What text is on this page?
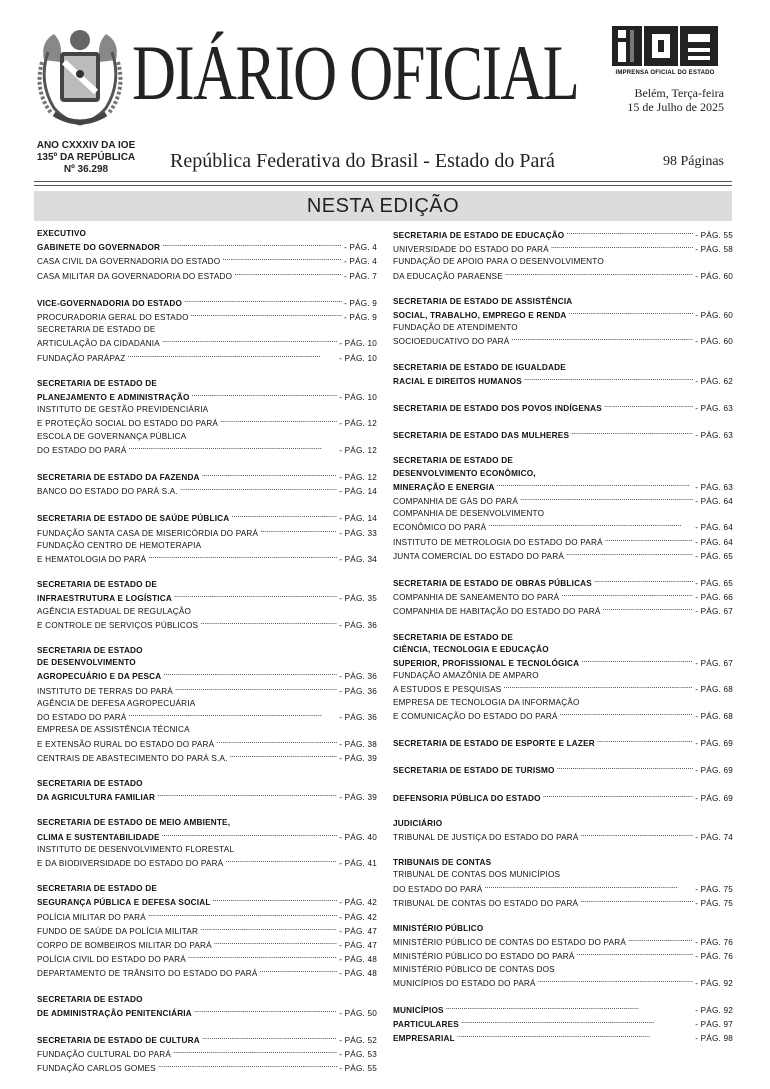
ANO CXXXIV DA IOE
135º DA REPÚBLICA
Nº 36.298
DIÁRIO OFICIAL
República Federativa do Brasil - Estado do Pará
IMPRENSA OFICIAL DO ESTADO
Belém, Terça-feira
15 de Julho de 2025
98 Páginas
NESTA EDIÇÃO
EXECUTIVO
GABINETE DO GOVERNADOR . . .	- PÁG. 4
CASA CIVIL DA GOVERNADORIA DO ESTADO . . .	- PÁG. 4
CASA MILITAR DA GOVERNADORIA DO ESTADO . . .	- PÁG. 7
VICE-GOVERNADORIA DO ESTADO . . .	- PÁG. 9
PROCURADORIA GERAL DO ESTADO . . .	- PÁG. 9
SECRETARIA DE ESTADO DE
ARTICULAÇÃO DA CIDADANIA . . .	- PÁG. 10
FUNDAÇÃO PARÁPAZ . . .	- PÁG. 10
SECRETARIA DE ESTADO DE
PLANEJAMENTO E ADMINISTRAÇÃO . . .	- PÁG. 10
INSTITUTO DE GESTÃO PREVIDENCIÁRIA
E PROTEÇÃO SOCIAL DO ESTADO DO PARÁ . . .	- PÁG. 12
ESCOLA DE GOVERNANÇA PÚBLICA
DO ESTADO DO PARÁ . . .	- PÁG. 12
SECRETARIA DE ESTADO DA FAZENDA . . .	- PÁG. 12
BANCO DO ESTADO DO PARÁ S.A. . . .	- PÁG. 14
SECRETARIA DE ESTADO DE SAÚDE PÚBLICA . . .	- PÁG. 14
FUNDAÇÃO SANTA CASA DE MISERICÓRDIA DO PARÁ . . .	- PÁG. 33
FUNDAÇÃO CENTRO DE HEMOTERAPIA
E HEMATOLOGIA DO PARÁ . . .	- PÁG. 34
SECRETARIA DE ESTADO DE
INFRAESTRUTURA E LOGÍSTICA . . .	- PÁG. 35
AGÊNCIA ESTADUAL DE REGULAÇÃO
E CONTROLE DE SERVIÇOS PÚBLICOS . . .	- PÁG. 36
SECRETARIA DE ESTADO
DE DESENVOLVIMENTO
AGROPECUÁRIO E DA PESCA . . .	- PÁG. 36
INSTITUTO DE TERRAS DO PARÁ . . .	- PÁG. 36
AGÊNCIA DE DEFESA AGROPECUÁRIA
DO ESTADO DO PARÁ . . .	- PÁG. 36
EMPRESA DE ASSISTÊNCIA TÉCNICA
E EXTENSÃO RURAL DO ESTADO DO PARÁ . . .	- PÁG. 38
CENTRAIS DE ABASTECIMENTO DO PARÁ S.A. . . .	- PÁG. 39
SECRETARIA DE ESTADO
DA AGRICULTURA FAMILIAR . . .	- PÁG. 39
SECRETARIA DE ESTADO DE MEIO AMBIENTE,
CLIMA E SUSTENTABILIDADE . . .	- PÁG. 40
INSTITUTO DE DESENVOLVIMENTO FLORESTAL
E DA BIODIVERSIDADE DO ESTADO DO PARÁ . . .	- PÁG. 41
SECRETARIA DE ESTADO DE
SEGURANÇA PÚBLICA E DEFESA SOCIAL . . .	- PÁG. 42
POLÍCIA MILITAR DO PARÁ . . .	- PÁG. 42
FUNDO DE SAÚDE DA POLÍCIA MILITAR . . .	- PÁG. 47
CORPO DE BOMBEIROS MILITAR DO PARÁ . . .	- PÁG. 47
POLÍCIA CIVIL DO ESTADO DO PARÁ . . .	- PÁG. 48
DEPARTAMENTO DE TRÂNSITO DO ESTADO DO PARÁ . . .	- PÁG. 48
SECRETARIA DE ESTADO
DE ADMINISTRAÇÃO PENITENCIÁRIA . . .	- PÁG. 50
SECRETARIA DE ESTADO DE CULTURA . . .	- PÁG. 52
FUNDAÇÃO CULTURAL DO PARÁ . . .	- PÁG. 53
FUNDAÇÃO CARLOS GOMES . . .	- PÁG. 55
SECRETARIA DE ESTADO DE EDUCAÇÃO . . .	- PÁG. 55
UNIVERSIDADE DO ESTADO DO PARÁ . . .	- PÁG. 58
FUNDAÇÃO DE APOIO PARA O DESENVOLVIMENTO
DA EDUCAÇÃO PARAENSE . . .	- PÁG. 60
SECRETARIA DE ESTADO DE ASSISTÊNCIA
SOCIAL, TRABALHO, EMPREGO E RENDA . . .	- PÁG. 60
FUNDAÇÃO DE ATENDIMENTO
SOCIOEDUCATIVO DO PARÁ . . .	- PÁG. 60
SECRETARIA DE ESTADO DE IGUALDADE
RACIAL E DIREITOS HUMANOS . . .	- PÁG. 62
SECRETARIA DE ESTADO DOS POVOS INDÍGENAS . . .	- PÁG. 63
SECRETARIA DE ESTADO DAS MULHERES . . .	- PÁG. 63
SECRETARIA DE ESTADO DE
DESENVOLVIMENTO ECONÔMICO,
MINERAÇÃO E ENERGIA . . .	- PÁG. 63
COMPANHIA DE GÁS DO PARÁ . . .	- PÁG. 64
COMPANHIA DE DESENVOLVIMENTO
ECONÔMICO DO PARÁ . . .	- PÁG. 64
INSTITUTO DE METROLOGIA DO ESTADO DO PARÁ . . .	- PÁG. 64
JUNTA COMERCIAL DO ESTADO DO PARÁ . . .	- PÁG. 65
SECRETARIA DE ESTADO DE OBRAS PÚBLICAS . . .	- PÁG. 65
COMPANHIA DE SANEAMENTO DO PARÁ . . .	- PÁG. 66
COMPANHIA DE HABITAÇÃO DO ESTADO DO PARÁ . . .	- PÁG. 67
SECRETARIA DE ESTADO DE
CIÊNCIA, TECNOLOGIA E EDUCAÇÃO
SUPERIOR, PROFISSIONAL E TECNOLÓGICA . . .	- PÁG. 67
FUNDAÇÃO AMAZÔNIA DE AMPARO
A ESTUDOS E PESQUISAS . . .	- PÁG. 68
EMPRESA DE TECNOLOGIA DA INFORMAÇÃO
E COMUNICAÇÃO DO ESTADO DO PARÁ . . .	- PÁG. 68
SECRETARIA DE ESTADO DE ESPORTE E LAZER . . .	- PÁG. 69
SECRETARIA DE ESTADO DE TURISMO . . .	- PÁG. 69
DEFENSORIA PÚBLICA DO ESTADO . . .	- PÁG. 69
JUDICIÁRIO
TRIBUNAL DE JUSTIÇA DO ESTADO DO PARÁ . . .	- PÁG. 74
TRIBUNAIS DE CONTAS
TRIBUNAL DE CONTAS DOS MUNICÍPIOS
DO ESTADO DO PARÁ . . .	- PÁG. 75
TRIBUNAL DE CONTAS DO ESTADO DO PARÁ . . .	- PÁG. 75
MINISTÉRIO PÚBLICO
MINISTÉRIO PÚBLICO DE CONTAS DO ESTADO DO PARÁ . . .	- PÁG. 76
MINISTÉRIO PÚBLICO DO ESTADO DO PARÁ . . .	- PÁG. 76
MINISTÉRIO PÚBLICO DE CONTAS DOS
MUNICÍPIOS DO ESTADO DO PARÁ . . .	- PÁG. 92
MUNICÍPIOS . . .	- PÁG. 92
PARTICULARES . . .	- PÁG. 97
EMPRESARIAL . . .	- PÁG. 98
